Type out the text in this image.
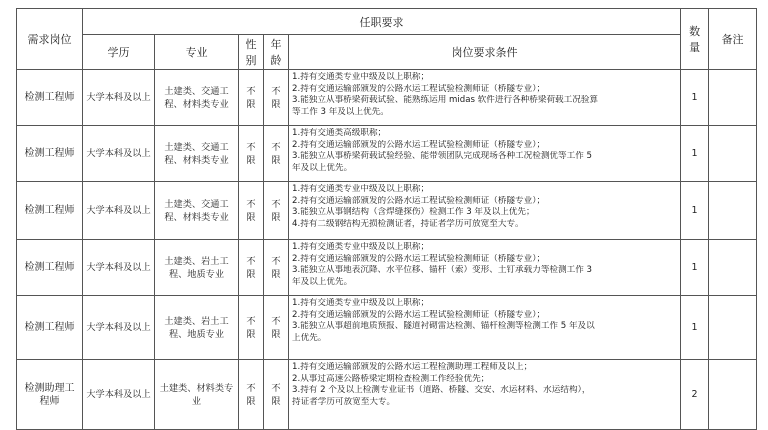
需求岗位	任职要求					数量	备注
	学历	专业	性别	年龄	岗位要求条件		
检测工程师	大学本科及以上	土建类、交通工程、材料类专业	不限	不限	1.持有交通类专业中级及以上职称；
2.持有交通运输部颁发的公路水运工程试验检测师证（桥隧专业）；
3.能独立从事桥梁荷载试验、能熟练运用 midas 软件进行各种桥梁荷载工况验算
等工作 3 年及以上优先。	1	
检测工程师	大学本科及以上	土建类、交通工程、材料类专业	不限	不限	1.持有交通类高级职称；
2.持有交通运输部颁发的公路水运工程试验检测师证（桥隧专业）；
3.能独立从事桥梁荷载试验经验、能带领团队完成现场各种工况检测优等工作 5
年及以上优先。	1	
检测工程师	大学本科及以上	土建类、交通工程、材料类专业	不限	不限	1.持有交通类专业中级及以上职称；
2.持有交通运输部颁发的公路水运工程试验检测师证（桥隧专业）；
3.能独立从事钢结构（含焊缝探伤）检测工作 3 年及以上优先；
4.持有二级钢结构无损检测证者，持证者学历可放宽至大专。	1	
检测工程师	大学本科及以上	土建类、岩土工程、地质专业	不限	不限	1.持有交通类专业中级及以上职称；
2.持有交通运输部颁发的公路水运工程试验检测师证（桥隧专业）；
3.能独立从事地表沉降、水平位移、锚杆（索）变形、土钉承载力等检测工作 3
年及以上优先。	1	
检测工程师	大学本科及以上	土建类、岩土工程、地质专业	不限	不限	1.持有交通类专业中级及以上职称；
2.持有交通运输部颁发的公路水运工程试验检测师证（桥隧专业）；
3.能独立从事超前地质预报、隧道衬砌雷达检测、锚杆检测等检测工作 5 年及以
上优先。	1	
检测助理工程师	大学本科及以上	土建类、材料类专业	不限	不限	1.持有交通运输部颁发的公路水运工程检测助理工程师及以上；
2.从事过高速公路桥梁定期检查检测工作经验优先；
3.持有 2 个及以上检测专业证书（道路、桥隧、交安、水运材料、水运结构），
持证者学历可放宽至大专。	2	
